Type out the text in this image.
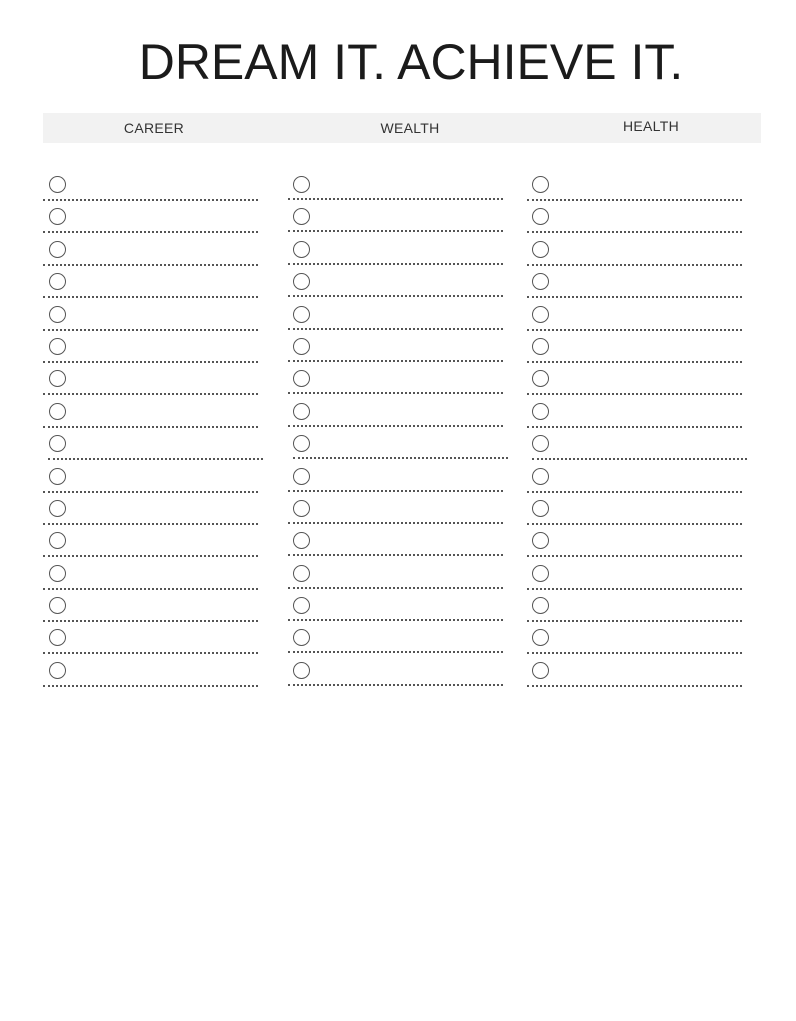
DREAM IT. ACHIEVE IT.
CAREER	WEALTH	HEALTH
